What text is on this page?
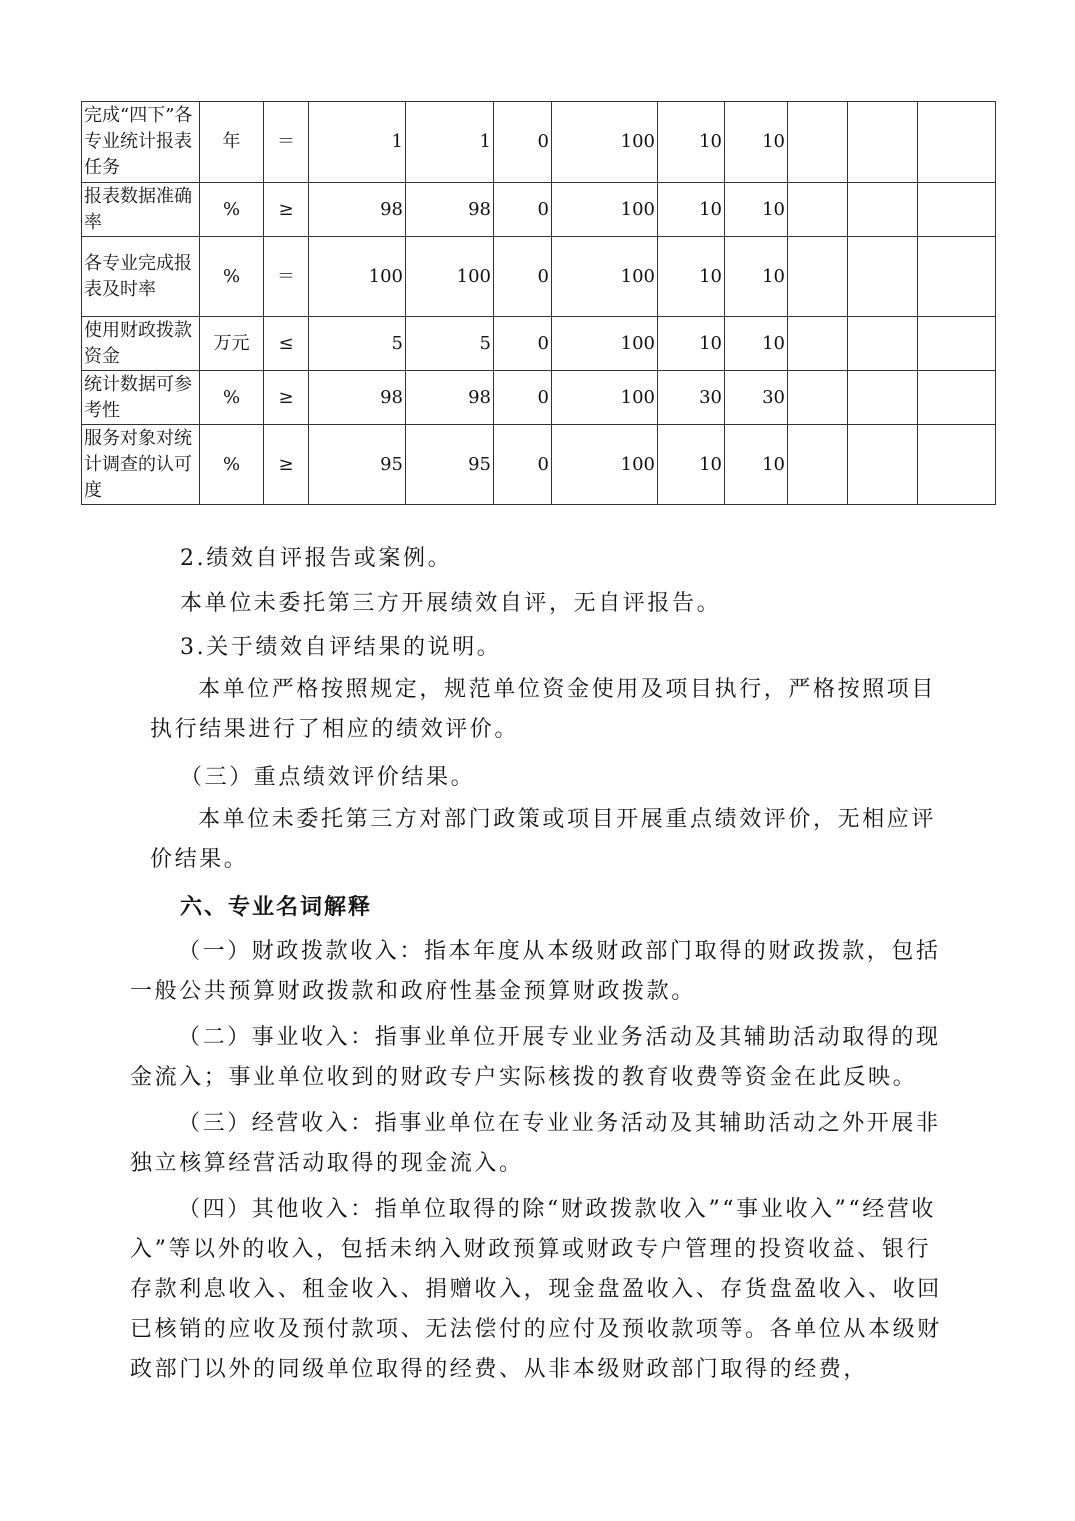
完成“四下”各专业统计报表任务	年	＝	1	1	0	100	10	10			
报表数据准确率	%	≥	98	98	0	100	10	10			
各专业完成报表及时率	%	＝	100	100	0	100	10	10			
使用财政拨款资金	万元	≤	5	5	0	100	10	10			
统计数据可参考性	%	≥	98	98	0	100	30	30			
服务对象对统计调查的认可度	%	≥	95	95	0	100	10	10			

2.绩效自评报告或案例。

本单位未委托第三方开展绩效自评，无自评报告。

3.关于绩效自评结果的说明。

本单位严格按照规定，规范单位资金使用及项目执行，严格按照项目执行结果进行了相应的绩效评价。

（三）重点绩效评价结果。

本单位未委托第三方对部门政策或项目开展重点绩效评价，无相应评价结果。

六、专业名词解释

（一）财政拨款收入：指本年度从本级财政部门取得的财政拨款，包括一般公共预算财政拨款和政府性基金预算财政拨款。

（二）事业收入：指事业单位开展专业业务活动及其辅助活动取得的现金流入；事业单位收到的财政专户实际核拨的教育收费等资金在此反映。

（三）经营收入：指事业单位在专业业务活动及其辅助活动之外开展非独立核算经营活动取得的现金流入。

（四）其他收入：指单位取得的除“财政拨款收入”“事业收入”“经营收入”等以外的收入，包括未纳入财政预算或财政专户管理的投资收益、银行存款利息收入、租金收入、捐赠收入，现金盘盈收入、存货盘盈收入、收回已核销的应收及预付款项、无法偿付的应付及预收款项等。各单位从本级财政部门以外的同级单位取得的经费、从非本级财政部门取得的经费，
